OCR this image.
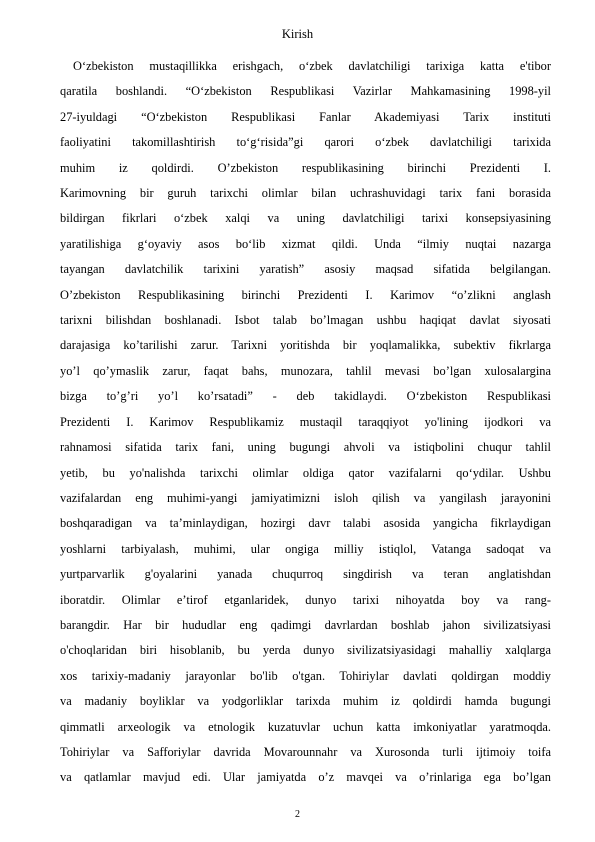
Kirish
O‘zbekiston mustaqillikka erishgach, o‘zbek davlatchiligi tarixiga katta e'tibor
qaratila boshlandi. “O‘zbekiston Respublikasi Vazirlar Mahkamasining 1998-yil
27-iyuldagi “O‘zbekiston Respublikasi Fanlar Akademiyasi Tarix instituti
faoliyatini takomillashtirish to‘g‘risida”gi qarori o‘zbek davlatchiligi tarixida
muhim iz qoldirdi. O’zbekiston respublikasining birinchi Prezidenti I.
Karimovning bir guruh tarixchi olimlar bilan uchrashuvidagi tarix fani borasida
bildirgan fikrlari o‘zbek xalqi va uning davlatchiligi tarixi konsepsiyasining
yaratilishiga g‘oyaviy asos bo‘lib xizmat qildi. Unda “ilmiy nuqtai nazarga
tayangan davlatchilik tarixini yaratish” asosiy maqsad sifatida belgilangan.
O’zbekiston Respublikasining birinchi Prezidenti I. Karimov “o’zlikni anglash
tarixni bilishdan boshlanadi. Isbot talab bo’lmagan ushbu haqiqat davlat siyosati
darajasiga ko’tarilishi zarur. Tarixni yoritishda bir yoqlamalikka, subektiv fikrlarga
yo’l qo’ymaslik zarur, faqat bahs, munozara, tahlil mevasi bo’lgan xulosalargina
bizga to’g’ri yo’l ko’rsatadi” - deb takidlaydi. O‘zbekiston Respublikasi
Prezidenti I. Karimov Respublikamiz mustaqil taraqqiyot yo'lining ijodkori va
rahnamosi sifatida tarix fani, uning bugungi ahvoli va istiqbolini chuqur tahlil
yetib, bu yo'nalishda tarixchi olimlar oldiga qator vazifalarni qo‘ydilar. Ushbu
vazifalardan eng muhimi-yangi jamiyatimizni isloh qilish va yangilash jarayonini
boshqaradigan va ta’minlaydigan, hozirgi davr talabi asosida yangicha fikrlaydigan
yoshlarni tarbiyalash, muhimi, ular ongiga milliy istiqlol, Vatanga sadoqat va
yurtparvarlik g'oyalarini yanada chuqurroq singdirish va teran anglatishdan
iboratdir. Olimlar e’tirof etganlaridek, dunyo tarixi nihoyatda boy va rang-
barangdir. Har bir hududlar eng qadimgi davrlardan boshlab jahon sivilizatsiyasi
o'choqlaridan biri hisoblanib, bu yerda dunyo sivilizatsiyasidagi mahalliy xalqlarga
xos tarixiy-madaniy jarayonlar bo'lib o'tgan. Tohiriylar davlati qoldirgan moddiy
va madaniy boyliklar va yodgorliklar tarixda muhim iz qoldirdi hamda bugungi
qimmatli arxeologik va etnologik kuzatuvlar uchun katta imkoniyatlar yaratmoqda.
Tohiriylar va Safforiylar davrida Movarounnahr va Xurosonda turli ijtimoiy toifa
va qatlamlar mavjud edi. Ular jamiyatda o’z mavqei va o’rinlariga ega bo’lgan
2
